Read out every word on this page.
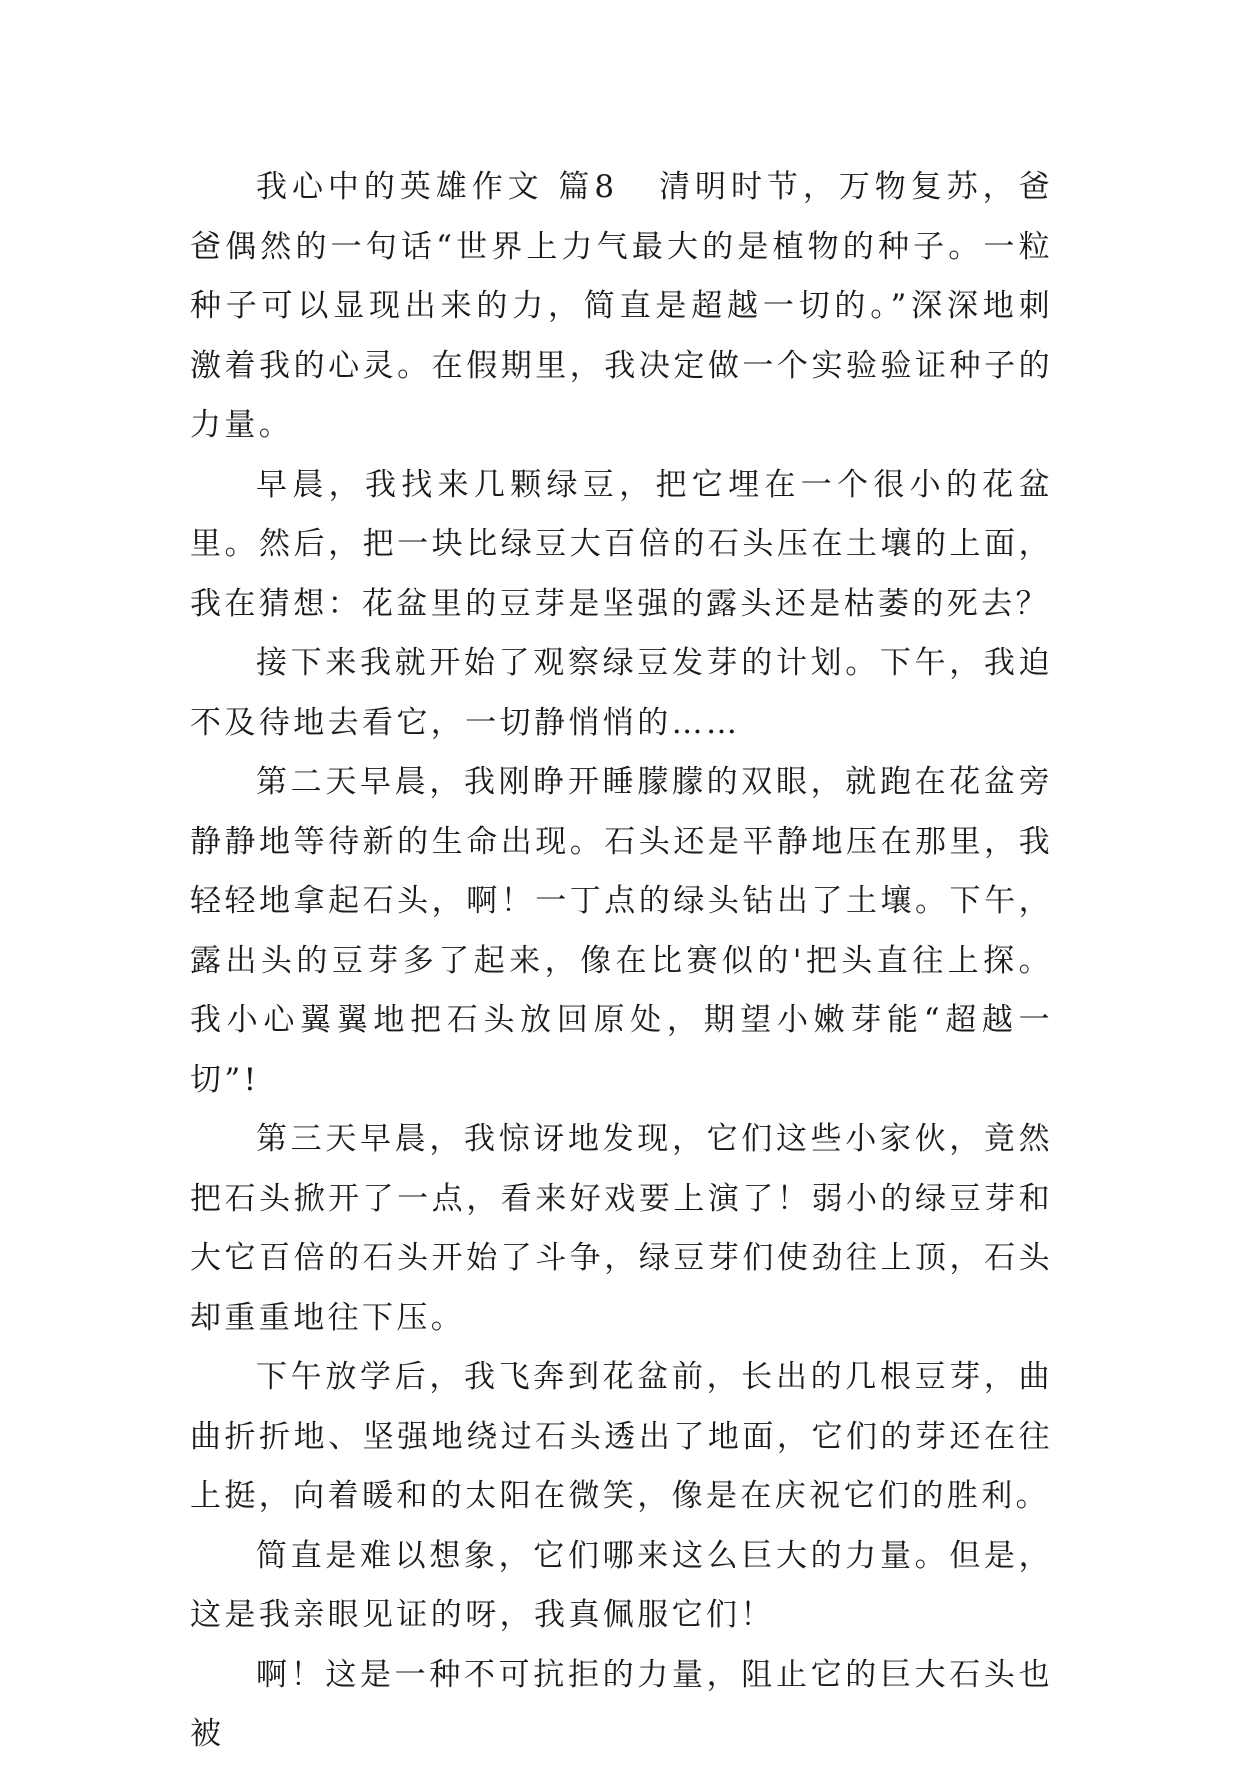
我心中的英雄作文 篇8 清明时节，万物复苏，爸爸偶然的一句话“世界上力气最大的是植物的种子。一粒种子可以显现出来的力，简直是超越一切的。”深深地刺激着我的心灵。在假期里，我决定做一个实验验证种子的力量。

早晨，我找来几颗绿豆，把它埋在一个很小的花盆里。然后，把一块比绿豆大百倍的石头压在土壤的上面，我在猜想：花盆里的豆芽是坚强的露头还是枯萎的死去？

接下来我就开始了观察绿豆发芽的计划。下午，我迫不及待地去看它，一切静悄悄的……

第二天早晨，我刚睁开睡朦朦的双眼，就跑在花盆旁静静地等待新的生命出现。石头还是平静地压在那里，我轻轻地拿起石头，啊！一丁点的绿头钻出了土壤。下午，露出头的豆芽多了起来，像在比赛似的'把头直往上探。我小心翼翼地把石头放回原处，期望小嫩芽能“超越一切”!

第三天早晨，我惊讶地发现，它们这些小家伙，竟然把石头掀开了一点，看来好戏要上演了！弱小的绿豆芽和大它百倍的石头开始了斗争，绿豆芽们使劲往上顶，石头却重重地往下压。

下午放学后，我飞奔到花盆前，长出的几根豆芽，曲曲折折地、坚强地绕过石头透出了地面，它们的芽还在往上挺，向着暖和的太阳在微笑，像是在庆祝它们的胜利。

简直是难以想象，它们哪来这么巨大的力量。但是，这是我亲眼见证的呀，我真佩服它们！

啊！这是一种不可抗拒的力量，阻止它的巨大石头也被
